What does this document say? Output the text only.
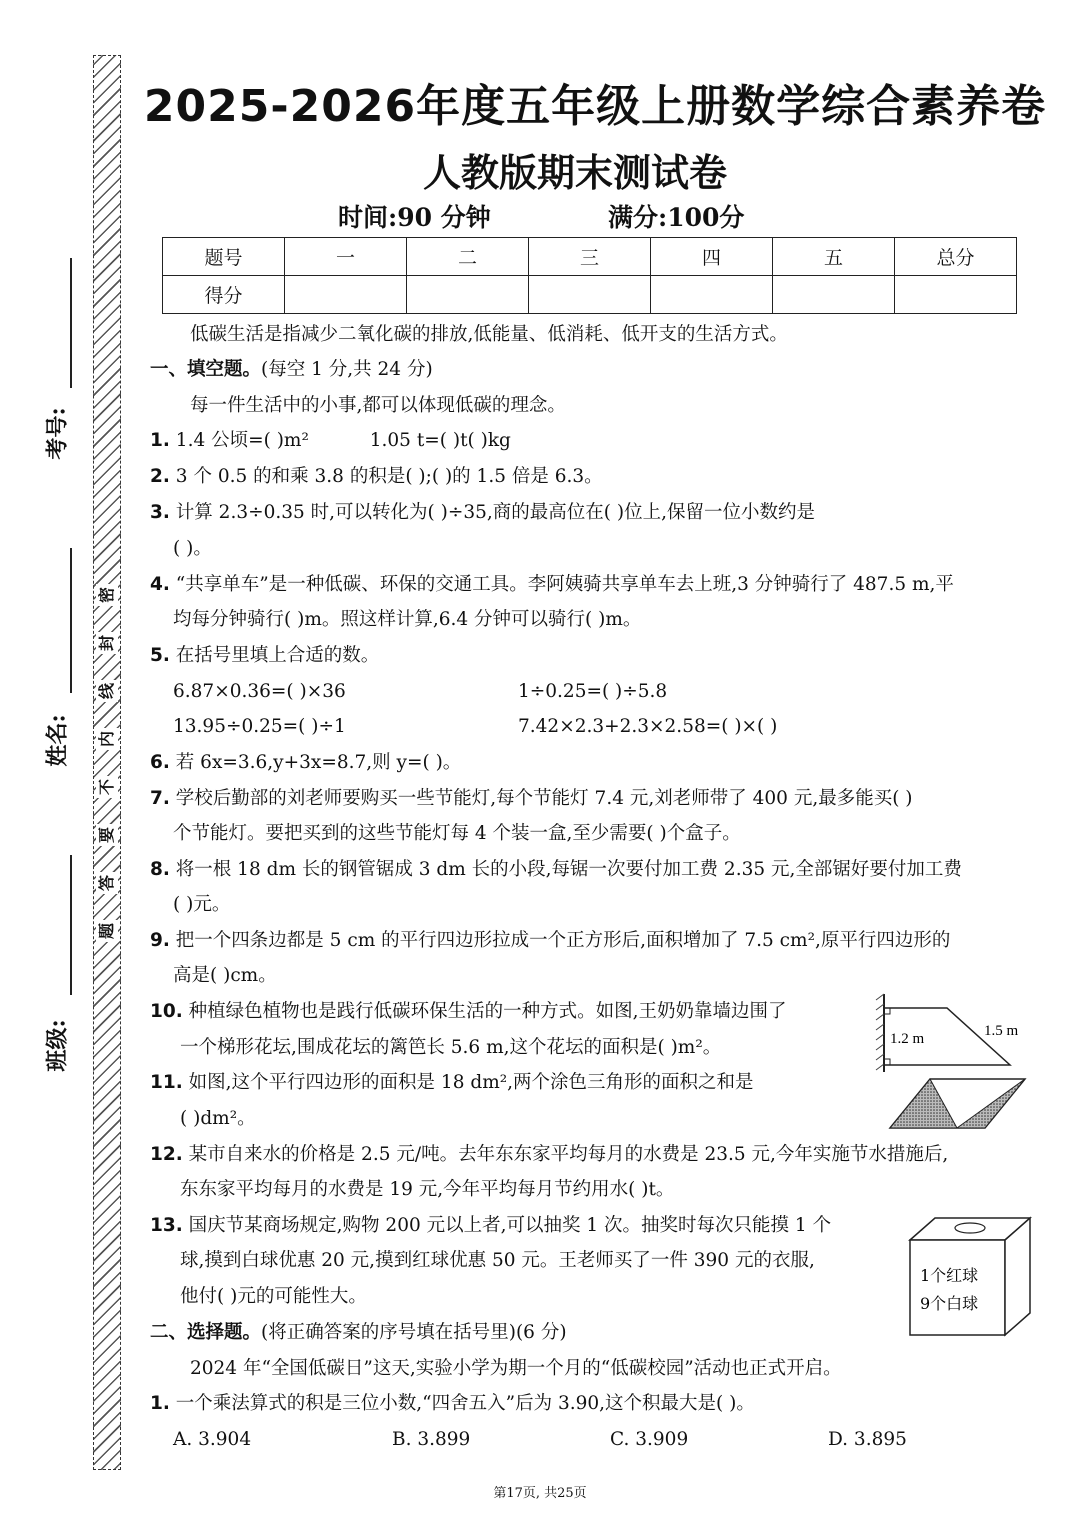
密
封
线
内
不
要
答
题
考号:
姓名:
班级:
2025-2026年度五年级上册数学综合素养卷
人教版期末测试卷
时间:90 分钟	满分:100分
题号	一	二	三	四	五	总分
得分						
低碳生活是指减少二氧化碳的排放,低能量、低消耗、低开支的生活方式。
一、填空题。(每空 1 分,共 24 分)
每一件生活中的小事,都可以体现低碳的理念。
1. 1.4 公顷=( )m²	1.05 t=( )t( )kg
2. 3 个 0.5 的和乘 3.8 的积是( );( )的 1.5 倍是 6.3。
3. 计算 2.3÷0.35 时,可以转化为( )÷35,商的最高位在( )位上,保留一位小数约是
( )。
4. “共享单车”是一种低碳、环保的交通工具。李阿姨骑共享单车去上班,3 分钟骑行了 487.5 m,平
均每分钟骑行( )m。照这样计算,6.4 分钟可以骑行( )m。
5. 在括号里填上合适的数。
6.87×0.36=( )×36	1÷0.25=( )÷5.8
13.95÷0.25=( )÷1	7.42×2.3+2.3×2.58=( )×( )
6. 若 6x=3.6,y+3x=8.7,则 y=( )。
7. 学校后勤部的刘老师要购买一些节能灯,每个节能灯 7.4 元,刘老师带了 400 元,最多能买( )
个节能灯。要把买到的这些节能灯每 4 个装一盒,至少需要( )个盒子。
8. 将一根 18 dm 长的钢管锯成 3 dm 长的小段,每锯一次要付加工费 2.35 元,全部锯好要付加工费
( )元。
9. 把一个四条边都是 5 cm 的平行四边形拉成一个正方形后,面积增加了 7.5 cm²,原平行四边形的
高是( )cm。
10. 种植绿色植物也是践行低碳环保生活的一种方式。如图,王奶奶靠墙边围了
一个梯形花坛,围成花坛的篱笆长 5.6 m,这个花坛的面积是( )m²。	1.2 m	1.5 m
11. 如图,这个平行四边形的面积是 18 dm²,两个涂色三角形的面积之和是
( )dm²。
12. 某市自来水的价格是 2.5 元/吨。去年东东家平均每月的水费是 23.5 元,今年实施节水措施后,
东东家平均每月的水费是 19 元,今年平均每月节约用水( )t。
13. 国庆节某商场规定,购物 200 元以上者,可以抽奖 1 次。抽奖时每次只能摸 1 个
球,摸到白球优惠 20 元,摸到红球优惠 50 元。王老师买了一件 390 元的衣服,
他付( )元的可能性大。
1个红球
9个白球
二、选择题。(将正确答案的序号填在括号里)(6 分)
2024 年“全国低碳日”这天,实验小学为期一个月的“低碳校园”活动也正式开启。
1. 一个乘法算式的积是三位小数,“四舍五入”后为 3.90,这个积最大是( )。
A. 3.904	B. 3.899	C. 3.909	D. 3.895
第17页, 共25页
